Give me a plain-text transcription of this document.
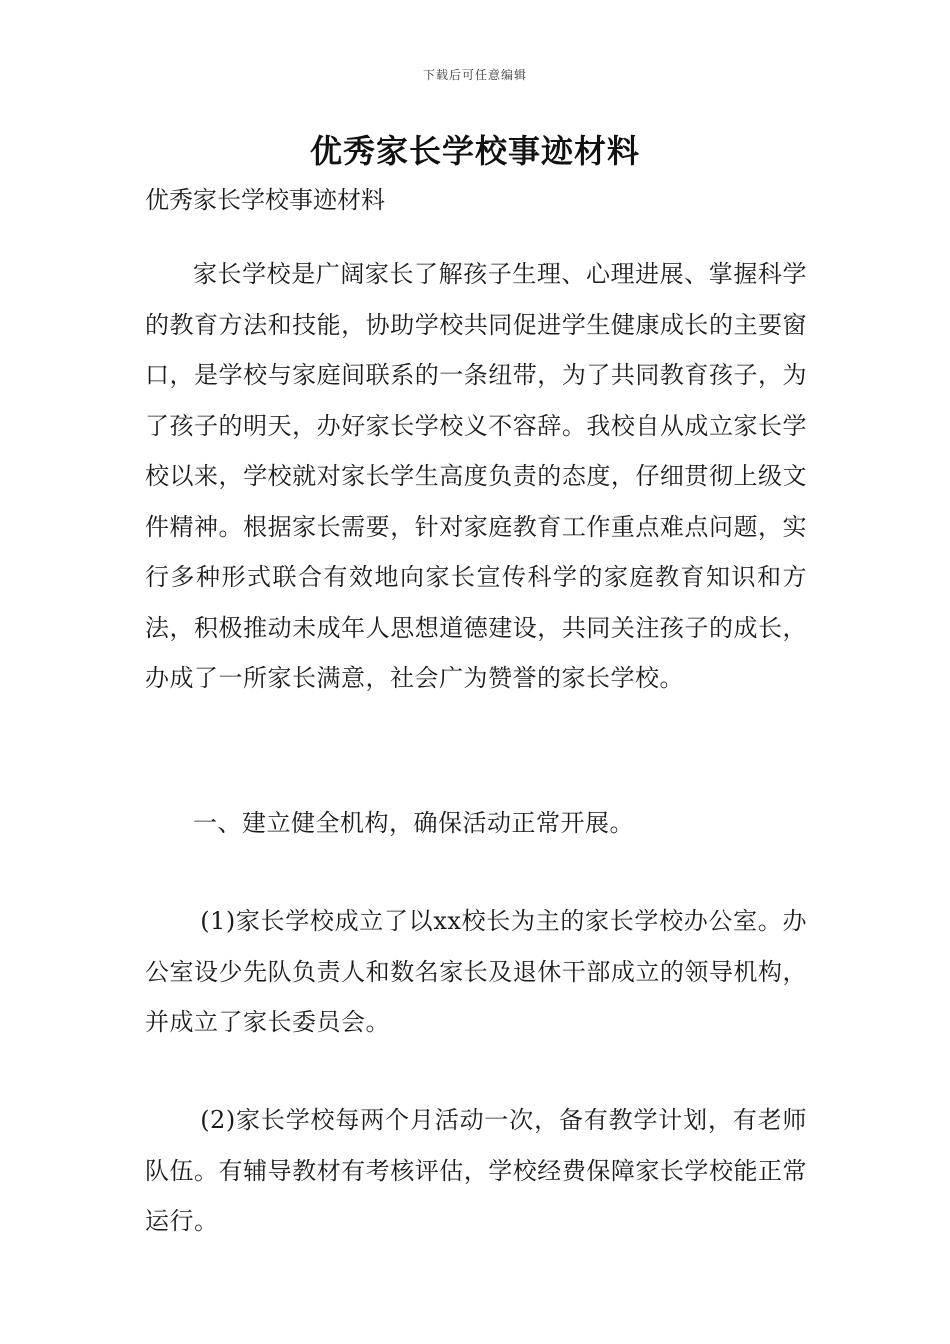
下载后可任意编辑
优秀家长学校事迹材料
优秀家长学校事迹材料

家长学校是广阔家长了解孩子生理、心理进展、掌握科学的教育方法和技能，协助学校共同促进学生健康成长的主要窗口，是学校与家庭间联系的一条纽带，为了共同教育孩子，为了孩子的明天，办好家长学校义不容辞。我校自从成立家长学校以来，学校就对家长学生高度负责的态度，仔细贯彻上级文件精神。根据家长需要，针对家庭教育工作重点难点问题，实行多种形式联合有效地向家长宣传科学的家庭教育知识和方法，积极推动未成年人思想道德建设，共同关注孩子的成长，办成了一所家长满意，社会广为赞誉的家长学校。

一、建立健全机构，确保活动正常开展。

(1)家长学校成立了以xx校长为主的家长学校办公室。办公室设少先队负责人和数名家长及退休干部成立的领导机构，并成立了家长委员会。

(2)家长学校每两个月活动一次，备有教学计划，有老师队伍。有辅导教材有考核评估，学校经费保障家长学校能正常运行。
